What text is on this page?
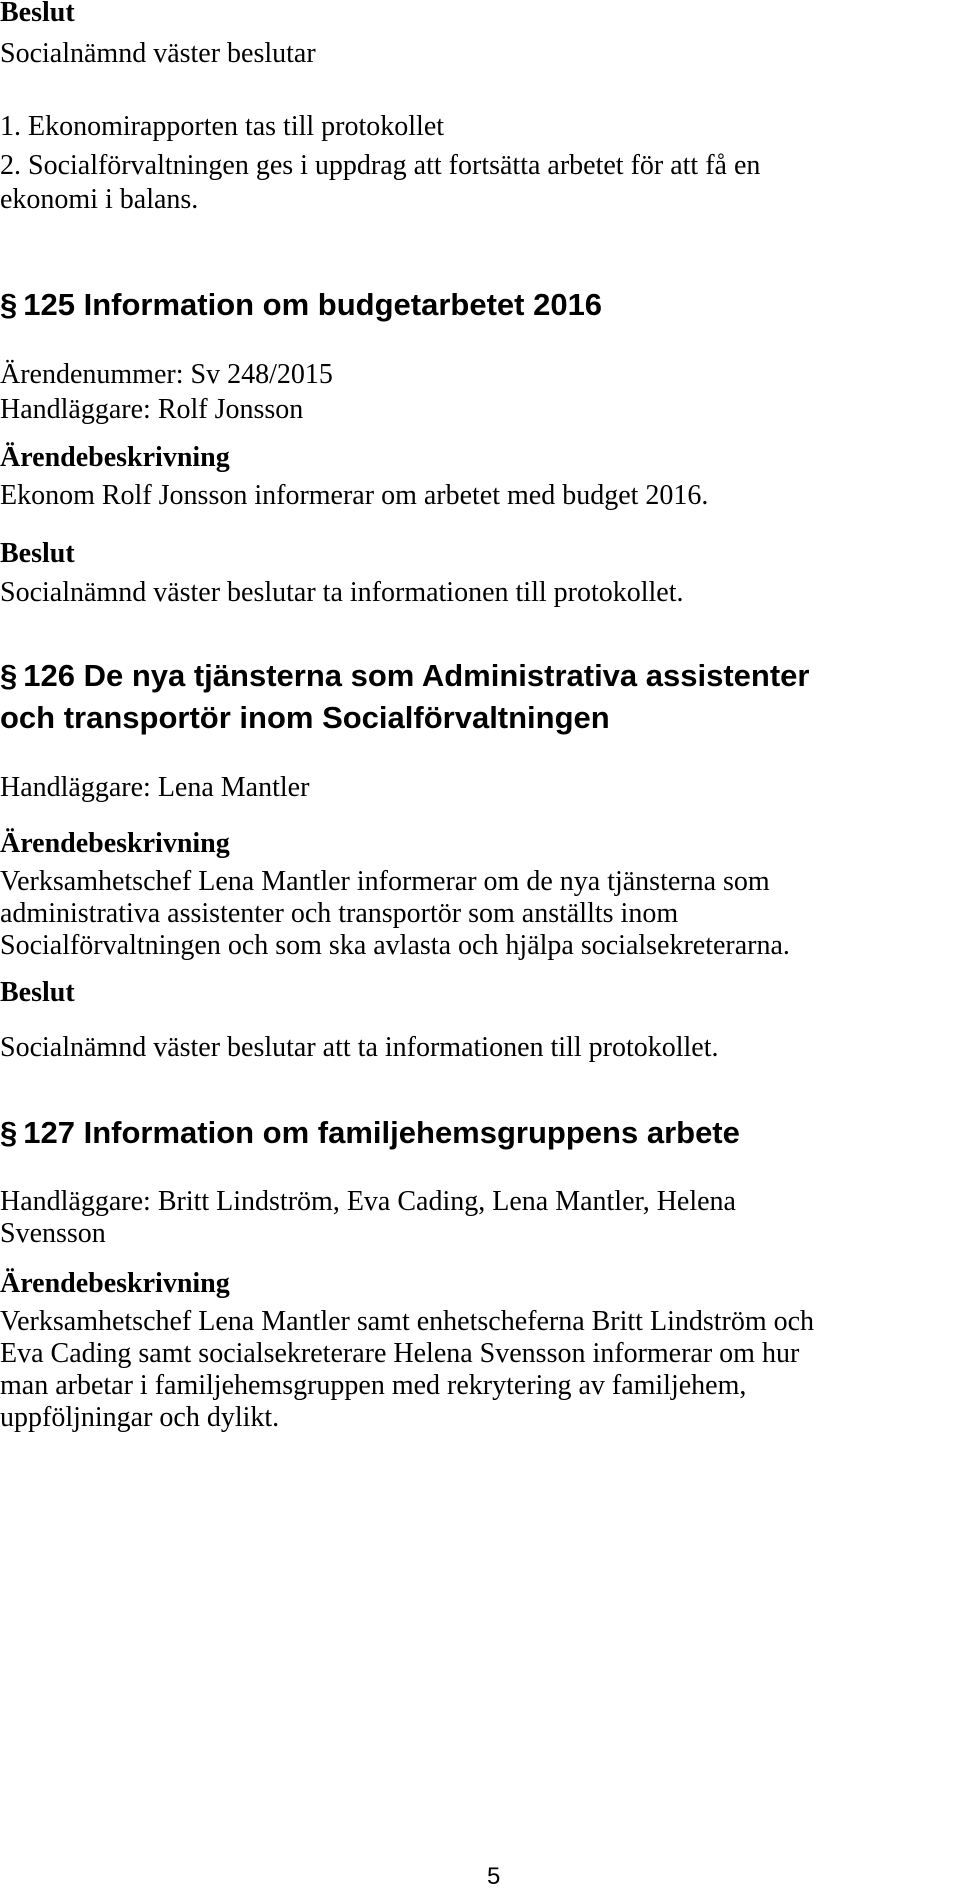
Beslut
Socialnämnd väster beslutar
1. Ekonomirapporten tas till protokollet
2. Socialförvaltningen ges i uppdrag att fortsätta arbetet för att få en
ekonomi i balans.
§ 125 Information om budgetarbetet 2016
Ärendenummer: Sv 248/2015
Handläggare: Rolf Jonsson
Ärendebeskrivning
Ekonom Rolf Jonsson informerar om arbetet med budget 2016.
Beslut
Socialnämnd väster beslutar ta informationen till protokollet.
§ 126 De nya tjänsterna som Administrativa assistenter
och transportör inom Socialförvaltningen
Handläggare: Lena Mantler
Ärendebeskrivning
Verksamhetschef Lena Mantler informerar om de nya tjänsterna som
administrativa assistenter och transportör som anställts inom
Socialförvaltningen och som ska avlasta och hjälpa socialsekreterarna.
Beslut
Socialnämnd väster beslutar att ta informationen till protokollet.
§ 127 Information om familjehemsgruppens arbete
Handläggare: Britt Lindström, Eva Cading, Lena Mantler, Helena
Svensson
Ärendebeskrivning
Verksamhetschef Lena Mantler samt enhetscheferna Britt Lindström och
Eva Cading samt socialsekreterare Helena Svensson informerar om hur
man arbetar i familjehemsgruppen med rekrytering av familjehem,
uppföljningar och dylikt.
5
